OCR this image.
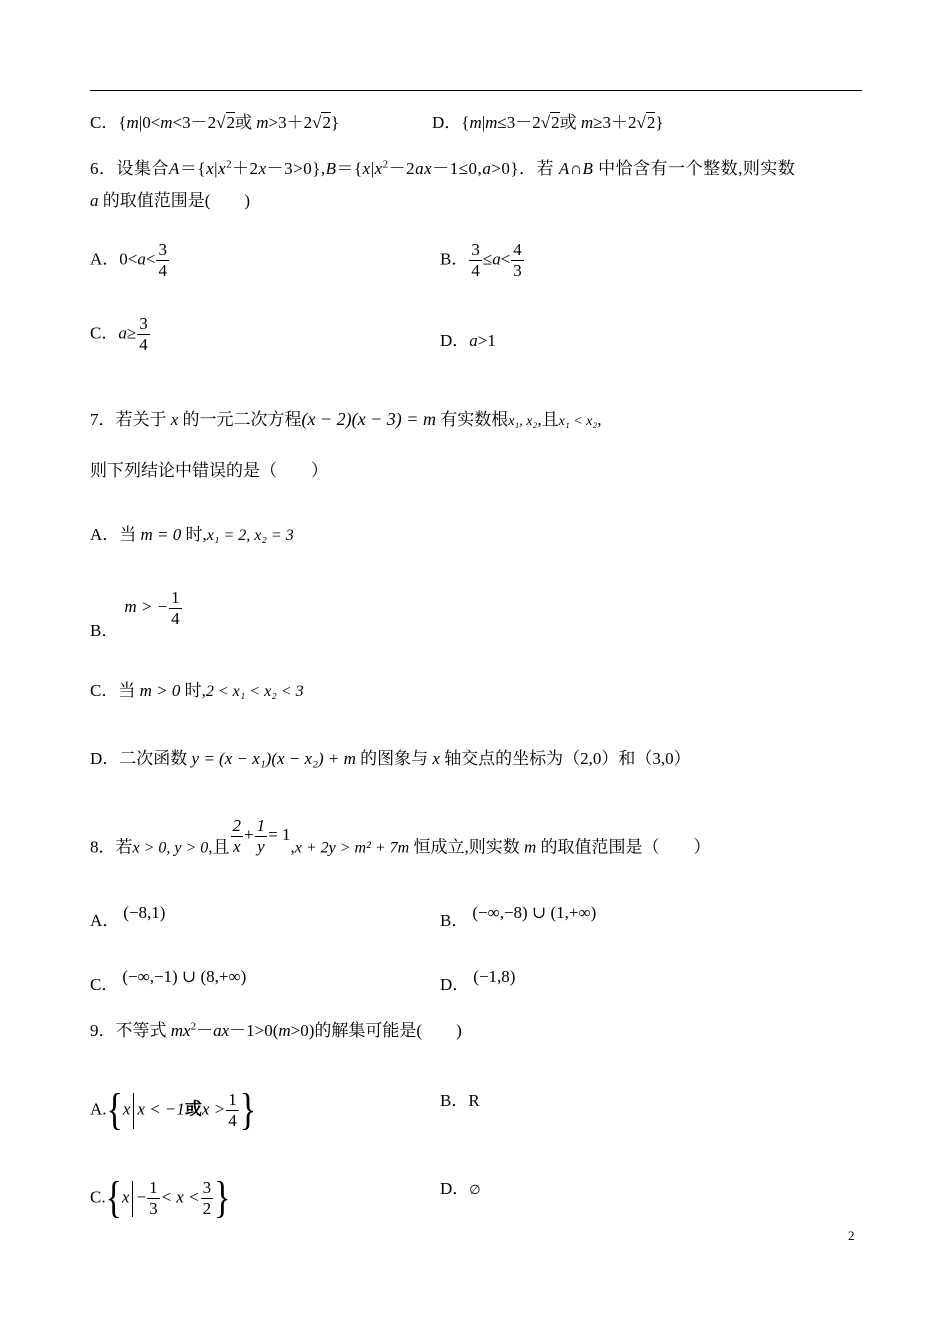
C．{m|0<m<3－2√2或 m>3＋2√2}	D．{m|m≤3－2√2或 m≥3＋2√2}
6．设集合$A=\{x|x^2+2x-3>0\},B=\{x|x^2-2ax-1\le 0,a>0\}$．若 A∩B 中恰含有一个整数,则实数
a 的取值范围是(　　)
A．$0<a< \frac{3}{4}$	B． $\frac{3}{4} \le a< \frac{4}{3}$
C．$a\ge \frac{3}{4}$	D．a>1
7．若关于 x 的一元二次方程(x − 2)(x − 3) = m 有实数根x₁, x₂,且x₁ < x₂,
则下列结论中错误的是（　　）
A．当 m = 0 时,x₁ = 2, x₂ = 3
B．m > − $\frac{1}{4}$
C．当 m > 0 时,2 < x₁ < x₂ < 3
D．二次函数 y = (x − x₁)(x − x₂) + m 的图象与 x 轴交点的坐标为（2,0）和（3,0）
8．若x > 0, y > 0,且 $\frac{2}{x} + \frac{1}{y} = 1,x + 2y > m^2 + 7m$ 恒成立,则实数 m 的取值范围是（　　）
A． (−8,1)	B． (−∞,−8) ∪ (1,+∞)
C． (−∞,−1) ∪ (8,+∞)	D． (−1,8)
9．不等式 $mx^2-ax-1>0(m>0)$的解集可能是(　　)
A.{x x < −1或$x > \frac{1}{4}$ }	B．R
$C.\{x - \frac{1}{3} < x < \frac{3}{2}$ }	D．∅
2
